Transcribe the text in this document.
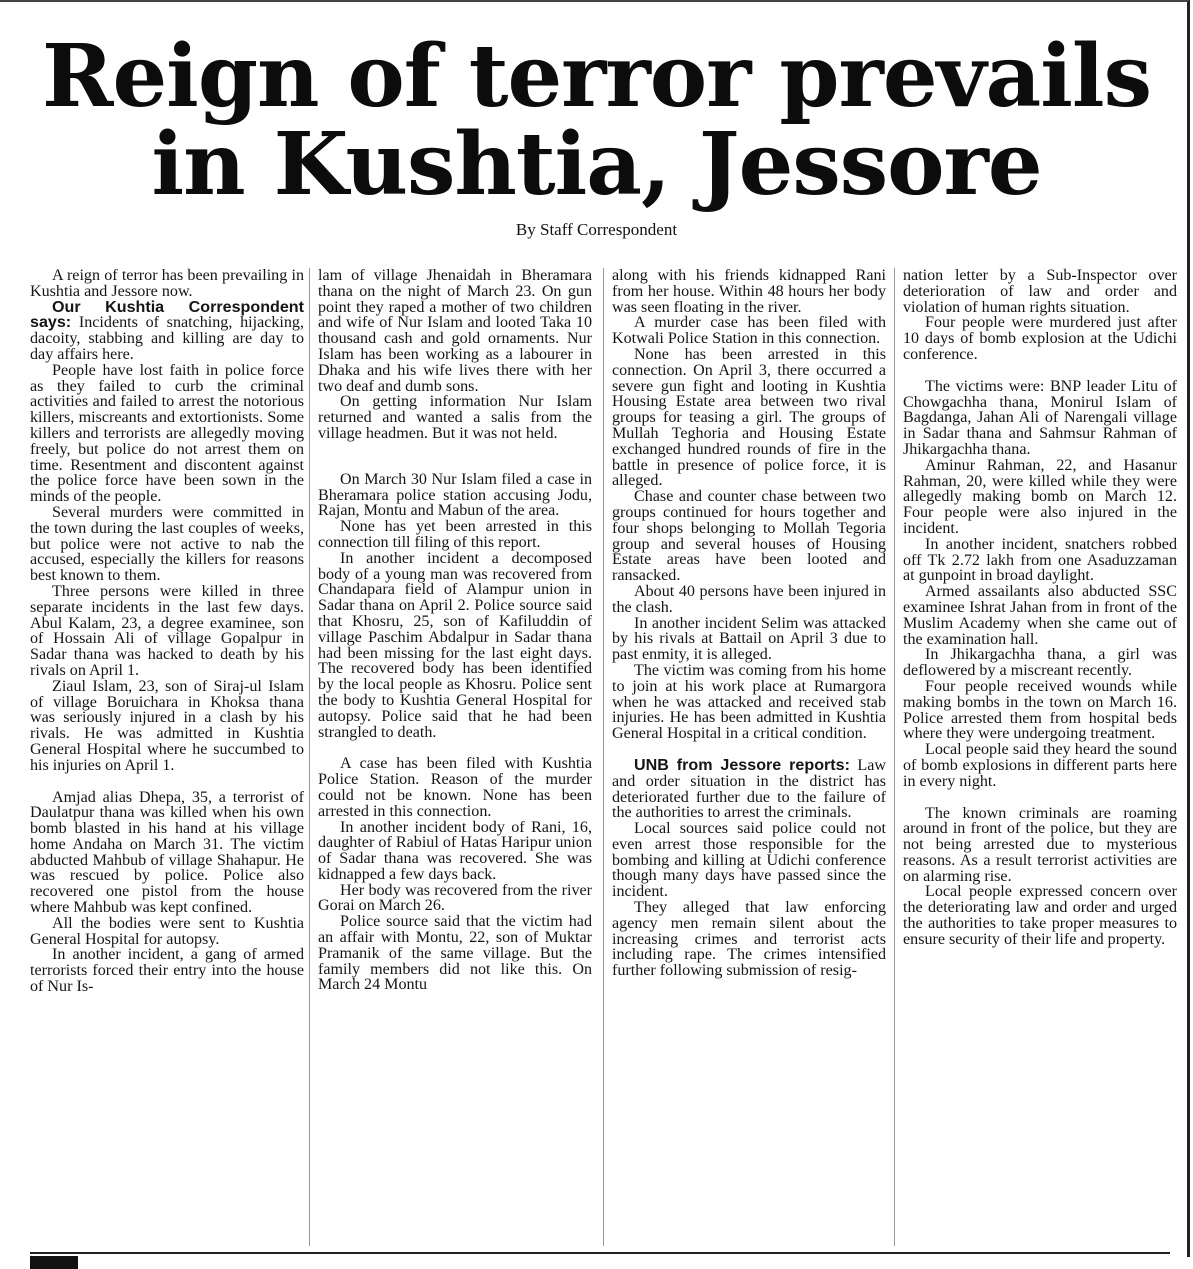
Reign of terror prevails
in Kushtia, Jessore
By Staff Correspondent

A reign of terror has been prevailing in Kushtia and Jessore now.

Our Kushtia Correspondent says: Incidents of snatching, hijacking, dacoity, stabbing and killing are day to day affairs here.

People have lost faith in police force as they failed to curb the criminal activities and failed to arrest the notorious killers, miscreants and extortionists. Some killers and terrorists are allegedly moving freely, but police do not arrest them on time. Resentment and discontent against the police force have been sown in the minds of the people.

Several murders were committed in the town during the last couples of weeks, but police were not active to nab the accused, especially the killers for reasons best known to them.

Three persons were killed in three separate incidents in the last few days. Abul Kalam, 23, a degree examinee, son of Hossain Ali of village Gopalpur in Sadar thana was hacked to death by his rivals on April 1.

Ziaul Islam, 23, son of Siraj-ul Islam of village Boruichara in Khoksa thana was seriously injured in a clash by his rivals. He was admitted in Kushtia General Hospital where he succumbed to his injuries on April 1.

Amjad alias Dhepa, 35, a terrorist of Daulatpur thana was killed when his own bomb blasted in his hand at his village home Andaha on March 31. The victim abducted Mahbub of village Shahapur. He was rescued by police. Police also recovered one pistol from the house where Mahbub was kept confined.

All the bodies were sent to Kushtia General Hospital for autopsy.

In another incident, a gang of armed terrorists forced their entry into the house of Nur Is-

lam of village Jhenaidah in Bheramara thana on the night of March 23. On gun point they raped a mother of two children and wife of Nur Islam and looted Taka 10 thousand cash and gold ornaments. Nur Islam has been working as a labourer in Dhaka and his wife lives there with her two deaf and dumb sons.

On getting information Nur Islam returned and wanted a salis from the village headmen. But it was not held.

On March 30 Nur Islam filed a case in Bheramara police station accusing Jodu, Rajan, Montu and Mabun of the area.

None has yet been arrested in this connection till filing of this report.

In another incident a decomposed body of a young man was recovered from Chandapara field of Alampur union in Sadar thana on April 2. Police source said that Khosru, 25, son of Kafiluddin of village Paschim Abdalpur in Sadar thana had been missing for the last eight days. The recovered body has been identified by the local people as Khosru. Police sent the body to Kushtia General Hospital for autopsy. Police said that he had been strangled to death.

A case has been filed with Kushtia Police Station. Reason of the murder could not be known. None has been arrested in this connection.

In another incident body of Rani, 16, daughter of Rabiul of Hatas Haripur union of Sadar thana was recovered. She was kidnapped a few days back.

Her body was recovered from the river Gorai on March 26.

Police source said that the victim had an affair with Montu, 22, son of Muktar Pramanik of the same village. But the family members did not like this. On March 24 Montu

along with his friends kidnapped Rani from her house. Within 48 hours her body was seen floating in the river.

A murder case has been filed with Kotwali Police Station in this connection.

None has been arrested in this connection. On April 3, there occurred a severe gun fight and looting in Kushtia Housing Estate area between two rival groups for teasing a girl. The groups of Mullah Teghoria and Housing Estate exchanged hundred rounds of fire in the battle in presence of police force, it is alleged.

Chase and counter chase between two groups continued for hours together and four shops belonging to Mollah Tegoria group and several houses of Housing Estate areas have been looted and ransacked.

About 40 persons have been injured in the clash.

In another incident Selim was attacked by his rivals at Battail on April 3 due to past enmity, it is alleged.

The victim was coming from his home to join at his work place at Rumargora when he was attacked and received stab injuries. He has been admitted in Kushtia General Hospital in a critical condition.

UNB from Jessore reports: Law and order situation in the district has deteriorated further due to the failure of the authorities to arrest the criminals.

Local sources said police could not even arrest those responsible for the bombing and killing at Udichi conference though many days have passed since the incident.

They alleged that law enforcing agency men remain silent about the increasing crimes and terrorist acts including rape. The crimes intensified further following submission of resig-

nation letter by a Sub-Inspector over deterioration of law and order and violation of human rights situation.

Four people were murdered just after 10 days of bomb explosion at the Udichi conference.

The victims were: BNP leader Litu of Chowgachha thana, Monirul Islam of Bagdanga, Jahan Ali of Narengali village in Sadar thana and Sahmsur Rahman of Jhikargachha thana.

Aminur Rahman, 22, and Hasanur Rahman, 20, were killed while they were allegedly making bomb on March 12. Four people were also injured in the incident.

In another incident, snatchers robbed off Tk 2.72 lakh from one Asaduzzaman at gunpoint in broad daylight.

Armed assailants also abducted SSC examinee Ishrat Jahan from in front of the Muslim Academy when she came out of the examination hall.

In Jhikargachha thana, a girl was deflowered by a miscreant recently.

Four people received wounds while making bombs in the town on March 16. Police arrested them from hospital beds where they were undergoing treatment.

Local people said they heard the sound of bomb explosions in different parts here in every night.

The known criminals are roaming around in front of the police, but they are not being arrested due to mysterious reasons. As a result terrorist activities are on alarming rise.

Local people expressed concern over the deteriorating law and order and urged the authorities to take proper measures to ensure security of their life and property.
